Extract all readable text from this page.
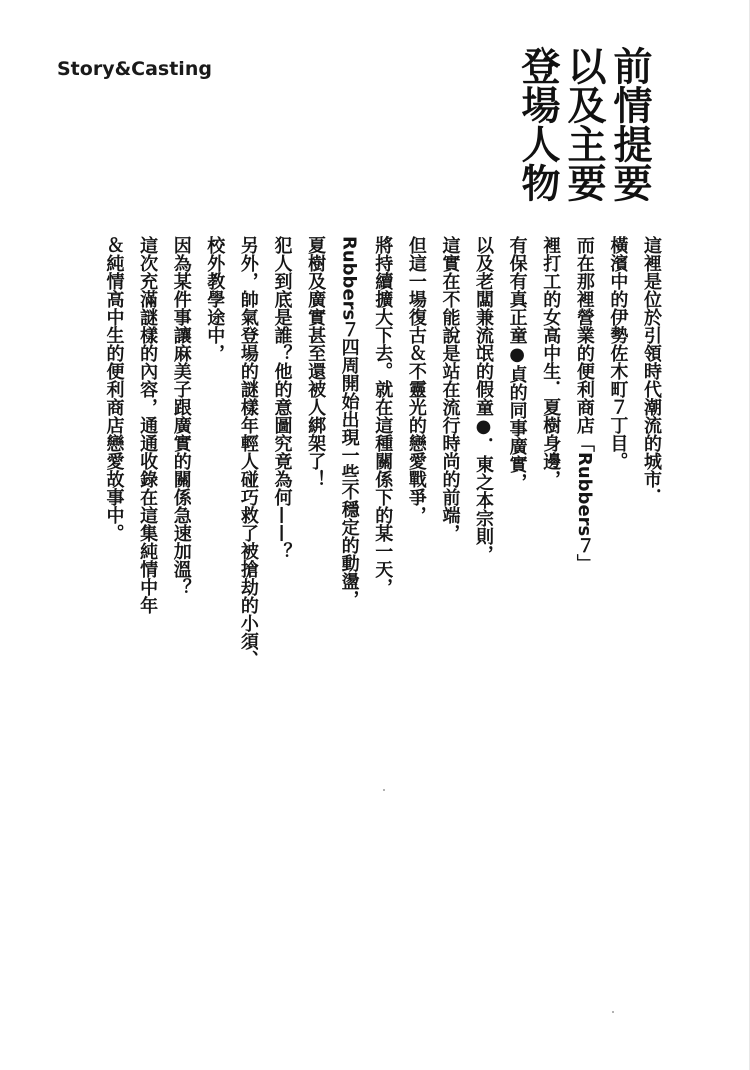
Story&Casting	前情提要
以及主要
登場人物
這裡是位於引領時代潮流的城市．
橫濱中的伊勢佐木町７丁目。
而在那裡營業的便利商店「Rubbers７」
裡打工的女高中生．夏樹身邊，
有保有真正童●貞的同事廣實，
以及老闆兼流氓的假童●．東之本宗則，
這實在不能說是站在流行時尚的前端，
但這一場復古＆不靈光的戀愛戰爭，
將持續擴大下去。就在這種關係下的某一天，
Rubbers７四周開始出現一些不穩定的動盪，
夏樹及廣實甚至還被人綁架了！
犯人到底是誰？他的意圖究竟為何——？
另外，帥氣登場的謎樣年輕人碰巧救了被搶劫的小須、
校外教學途中，
因為某件事讓麻美子跟廣實的關係急速加溫？
這次充滿謎樣的內容，通通收錄在這集純情中年
＆純情高中生的便利商店戀愛故事中。
